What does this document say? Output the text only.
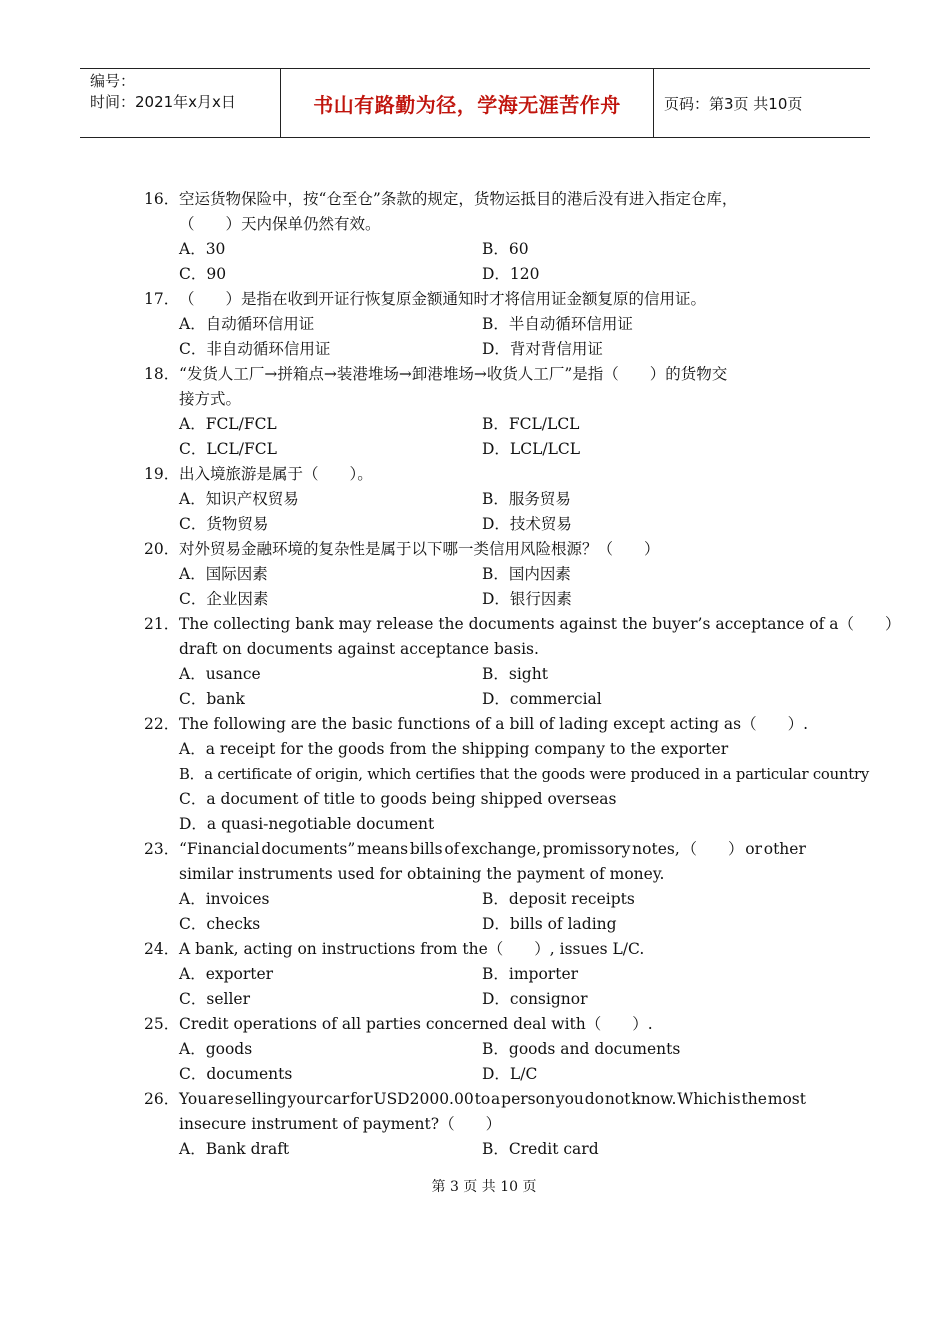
编号：
时间：2021年x月x日	书山有路勤为径，学海无涯苦作舟	页码：第3页 共10页
16． 空运货物保险中，按“仓至仓”条款的规定，货物运抵目的港后没有进入指定仓库，
（　　）天内保单仍然有效。
A．30	B．60
C．90	D．120
17． （　　）是指在收到开证行恢复原金额通知时才将信用证金额复原的信用证。
A．自动循环信用证	B．半自动循环信用证
C．非自动循环信用证	D．背对背信用证
18． “发货人工厂→拼箱点→装港堆场→卸港堆场→收货人工厂”是指（　　）的货物交
接方式。
A．FCL/FCL	B．FCL/LCL
C．LCL/FCL	D．LCL/LCL
19． 出入境旅游是属于（　　）。
A．知识产权贸易	B．服务贸易
C．货物贸易	D．技术贸易
20． 对外贸易金融环境的复杂性是属于以下哪一类信用风险根源？（　　）
A．国际因素	B．国内因素
C．企业因素	D．银行因素
21． The collecting bank may release the documents against the buyer’s acceptance of a（　　）
draft on documents against acceptance basis.
A．usance	B．sight
C．bank	D．commercial
22． The following are the basic functions of a bill of lading except acting as（　　）.
A．a receipt for the goods from the shipping company to the exporter
B．a certificate of origin, which certifies that the goods were produced in a particular country
C．a document of title to goods being shipped overseas
D．a quasi-negotiable document
23． “Financial documents” means bills of exchange, promissory notes, （　　） or other
similar instruments used for obtaining the payment of money.
A．invoices	B．deposit receipts
C．checks	D．bills of lading
24． A bank, acting on instructions from the（　　）, issues L/C.
A．exporter	B．importer
C．seller	D．consignor
25． Credit operations of all parties concerned deal with（　　）.
A．goods	B．goods and documents
C．documents	D．L/C
26． You are selling your car for USD2000.00 to a person you do not know. Which is the most
insecure instrument of payment?（　　）
A．Bank draft	B．Credit card
第 3 页 共 10 页
